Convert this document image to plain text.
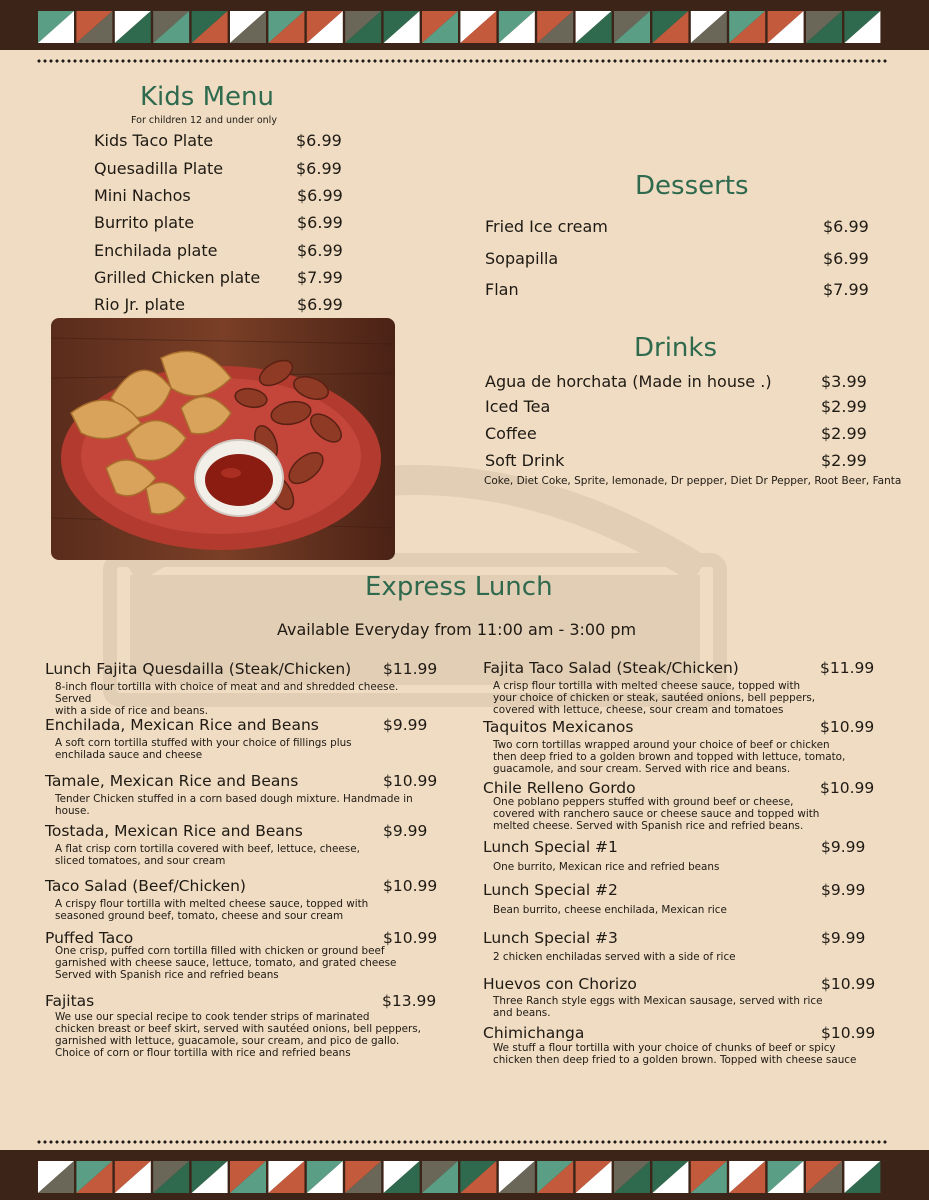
Kids Menu
For children 12 and under only
Kids Taco Plate	$6.99
Quesadilla Plate	$6.99
Mini Nachos	$6.99
Burrito plate	$6.99
Enchilada plate	$6.99
Grilled Chicken plate $7.99
Rio Jr. plate	$6.99
Desserts
Fried Ice cream	$6.99
Sopapilla	$6.99
Flan	$7.99
Drinks
Agua de horchata (Made in house .)	$3.99
Iced Tea	$2.99
Coffee	$2.99
Soft Drink	$2.99
Coke, Diet Coke, Sprite, lemonade, Dr pepper, Diet Dr Pepper, Root Beer, Fanta
Express Lunch
Available Everyday from 11:00 am - 3:00 pm
Lunch Fajita Quesdailla (Steak/Chicken) $11.99
8-inch flour tortilla with choice of meat and and shredded cheese. Served
with a side of rice and beans.
Enchilada, Mexican Rice and Beans	$9.99
A soft corn tortilla stuffed with your choice of fillings plus
enchilada sauce and cheese
Tamale, Mexican Rice and Beans	$10.99
Tender Chicken stuffed in a corn based dough mixture. Handmade in house.
Tostada, Mexican Rice and Beans	$9.99
A flat crisp corn tortilla covered with beef, lettuce, cheese,
sliced tomatoes, and sour cream
Taco Salad (Beef/Chicken)	$10.99
A crispy flour tortilla with melted cheese sauce, topped with
seasoned ground beef, tomato, cheese and sour cream
Puffed Taco	$10.99
One crisp, puffed corn tortilla filled with chicken or ground beef
garnished with cheese sauce, lettuce, tomato, and grated cheese
Served with Spanish rice and refried beans
Fajitas	$13.99
We use our special recipe to cook tender strips of marinated
chicken breast or beef skirt, served with sautéed onions, bell peppers,
garnished with lettuce, guacamole, sour cream, and pico de gallo.
Choice of corn or flour tortilla with rice and refried beans
Fajita Taco Salad (Steak/Chicken)	$11.99
A crisp flour tortilla with melted cheese sauce, topped with
your choice of chicken or steak, sautéed onions, bell peppers,
covered with lettuce, cheese, sour cream and tomatoes
Taquitos Mexicanos	$10.99
Two corn tortillas wrapped around your choice of beef or chicken
then deep fried to a golden brown and topped with lettuce, tomato,
guacamole, and sour cream. Served with rice and beans.
Chile Relleno Gordo	$10.99
One poblano peppers stuffed with ground beef or cheese,
covered with ranchero sauce or cheese sauce and topped with
melted cheese. Served with Spanish rice and refried beans.
Lunch Special #1	$9.99
One burrito, Mexican rice and refried beans
Lunch Special #2	$9.99
Bean burrito, cheese enchilada, Mexican rice
Lunch Special #3	$9.99
2 chicken enchiladas served with a side of rice
Huevos con Chorizo	$10.99
Three Ranch style eggs with Mexican sausage, served with rice
and beans.
Chimichanga	$10.99
We stuff a flour tortilla with your choice of chunks of beef or spicy
chicken then deep fried to a golden brown. Topped with cheese sauce
